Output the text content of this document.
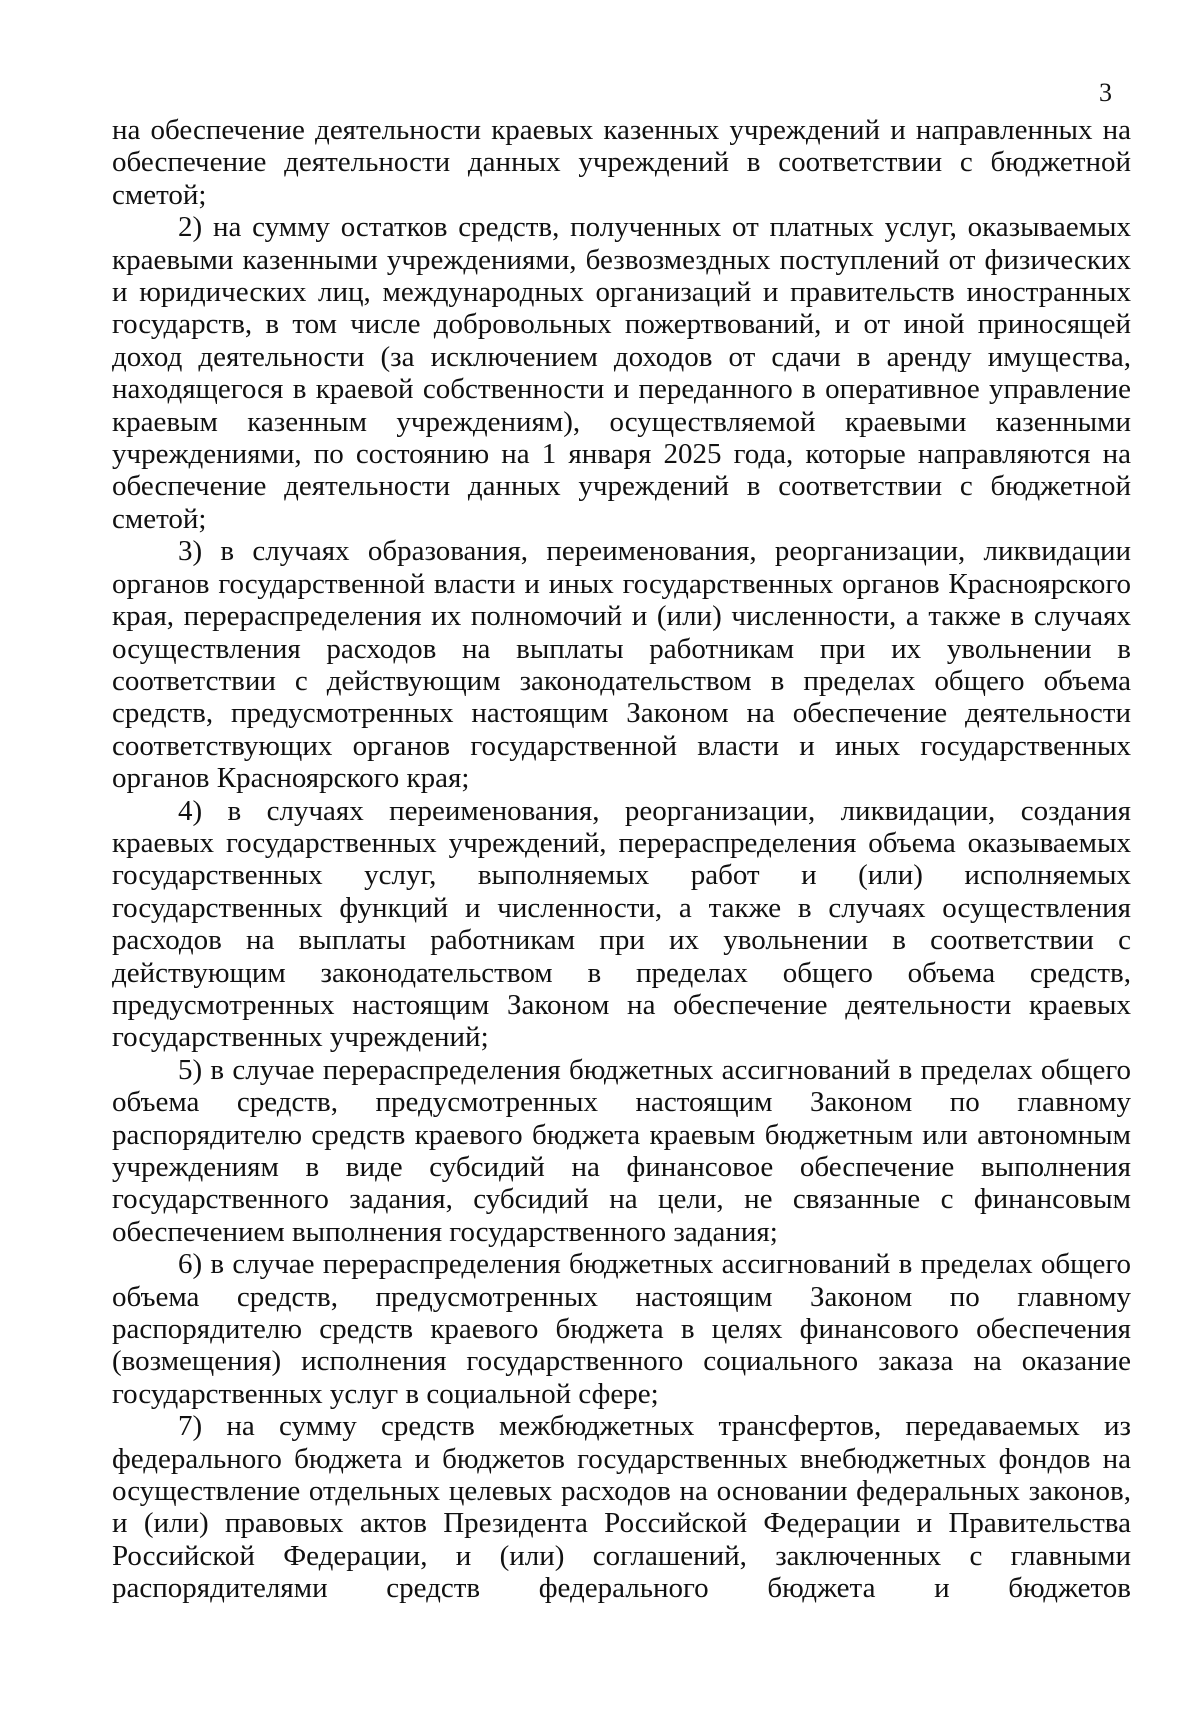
3

на обеспечение деятельности краевых казенных учреждений и направленных на обеспечение деятельности данных учреждений в соответствии с бюджетной сметой;

2) на сумму остатков средств, полученных от платных услуг, оказываемых краевыми казенными учреждениями, безвозмездных поступлений от физических и юридических лиц, международных организаций и правительств иностранных государств, в том числе добровольных пожертвований, и от иной приносящей доход деятельности (за исключением доходов от сдачи в аренду имущества, находящегося в краевой собственности и переданного в оперативное управление краевым казенным учреждениям), осуществляемой краевыми казенными учреждениями, по состоянию на 1 января 2025 года, которые направляются на обеспечение деятельности данных учреждений в соответствии с бюджетной сметой;

3) в случаях образования, переименования, реорганизации, ликвидации органов государственной власти и иных государственных органов Красноярского края, перераспределения их полномочий и (или) численности, а также в случаях осуществления расходов на выплаты работникам при их увольнении в соответствии с действующим законодательством в пределах общего объема средств, предусмотренных настоящим Законом на обеспечение деятельности соответствующих органов государственной власти и иных государственных органов Красноярского края;

4) в случаях переименования, реорганизации, ликвидации, создания краевых государственных учреждений, перераспределения объема оказываемых государственных услуг, выполняемых работ и (или) исполняемых государственных функций и численности, а также в случаях осуществления расходов на выплаты работникам при их увольнении в соответствии с действующим законодательством в пределах общего объема средств, предусмотренных настоящим Законом на обеспечение деятельности краевых государственных учреждений;

5) в случае перераспределения бюджетных ассигнований в пределах общего объема средств, предусмотренных настоящим Законом по главному распорядителю средств краевого бюджета краевым бюджетным или автономным учреждениям в виде субсидий на финансовое обеспечение выполнения государственного задания, субсидий на цели, не связанные с финансовым обеспечением выполнения государственного задания;

6) в случае перераспределения бюджетных ассигнований в пределах общего объема средств, предусмотренных настоящим Законом по главному распорядителю средств краевого бюджета в целях финансового обеспечения (возмещения) исполнения государственного социального заказа на оказание государственных услуг в социальной сфере;

7) на сумму средств межбюджетных трансфертов, передаваемых из федерального бюджета и бюджетов государственных внебюджетных фондов на осуществление отдельных целевых расходов на основании федеральных законов, и (или) правовых актов Президента Российской Федерации и Правительства Российской Федерации, и (или) соглашений, заключенных с главными распорядителями средств федерального бюджета и бюджетов
